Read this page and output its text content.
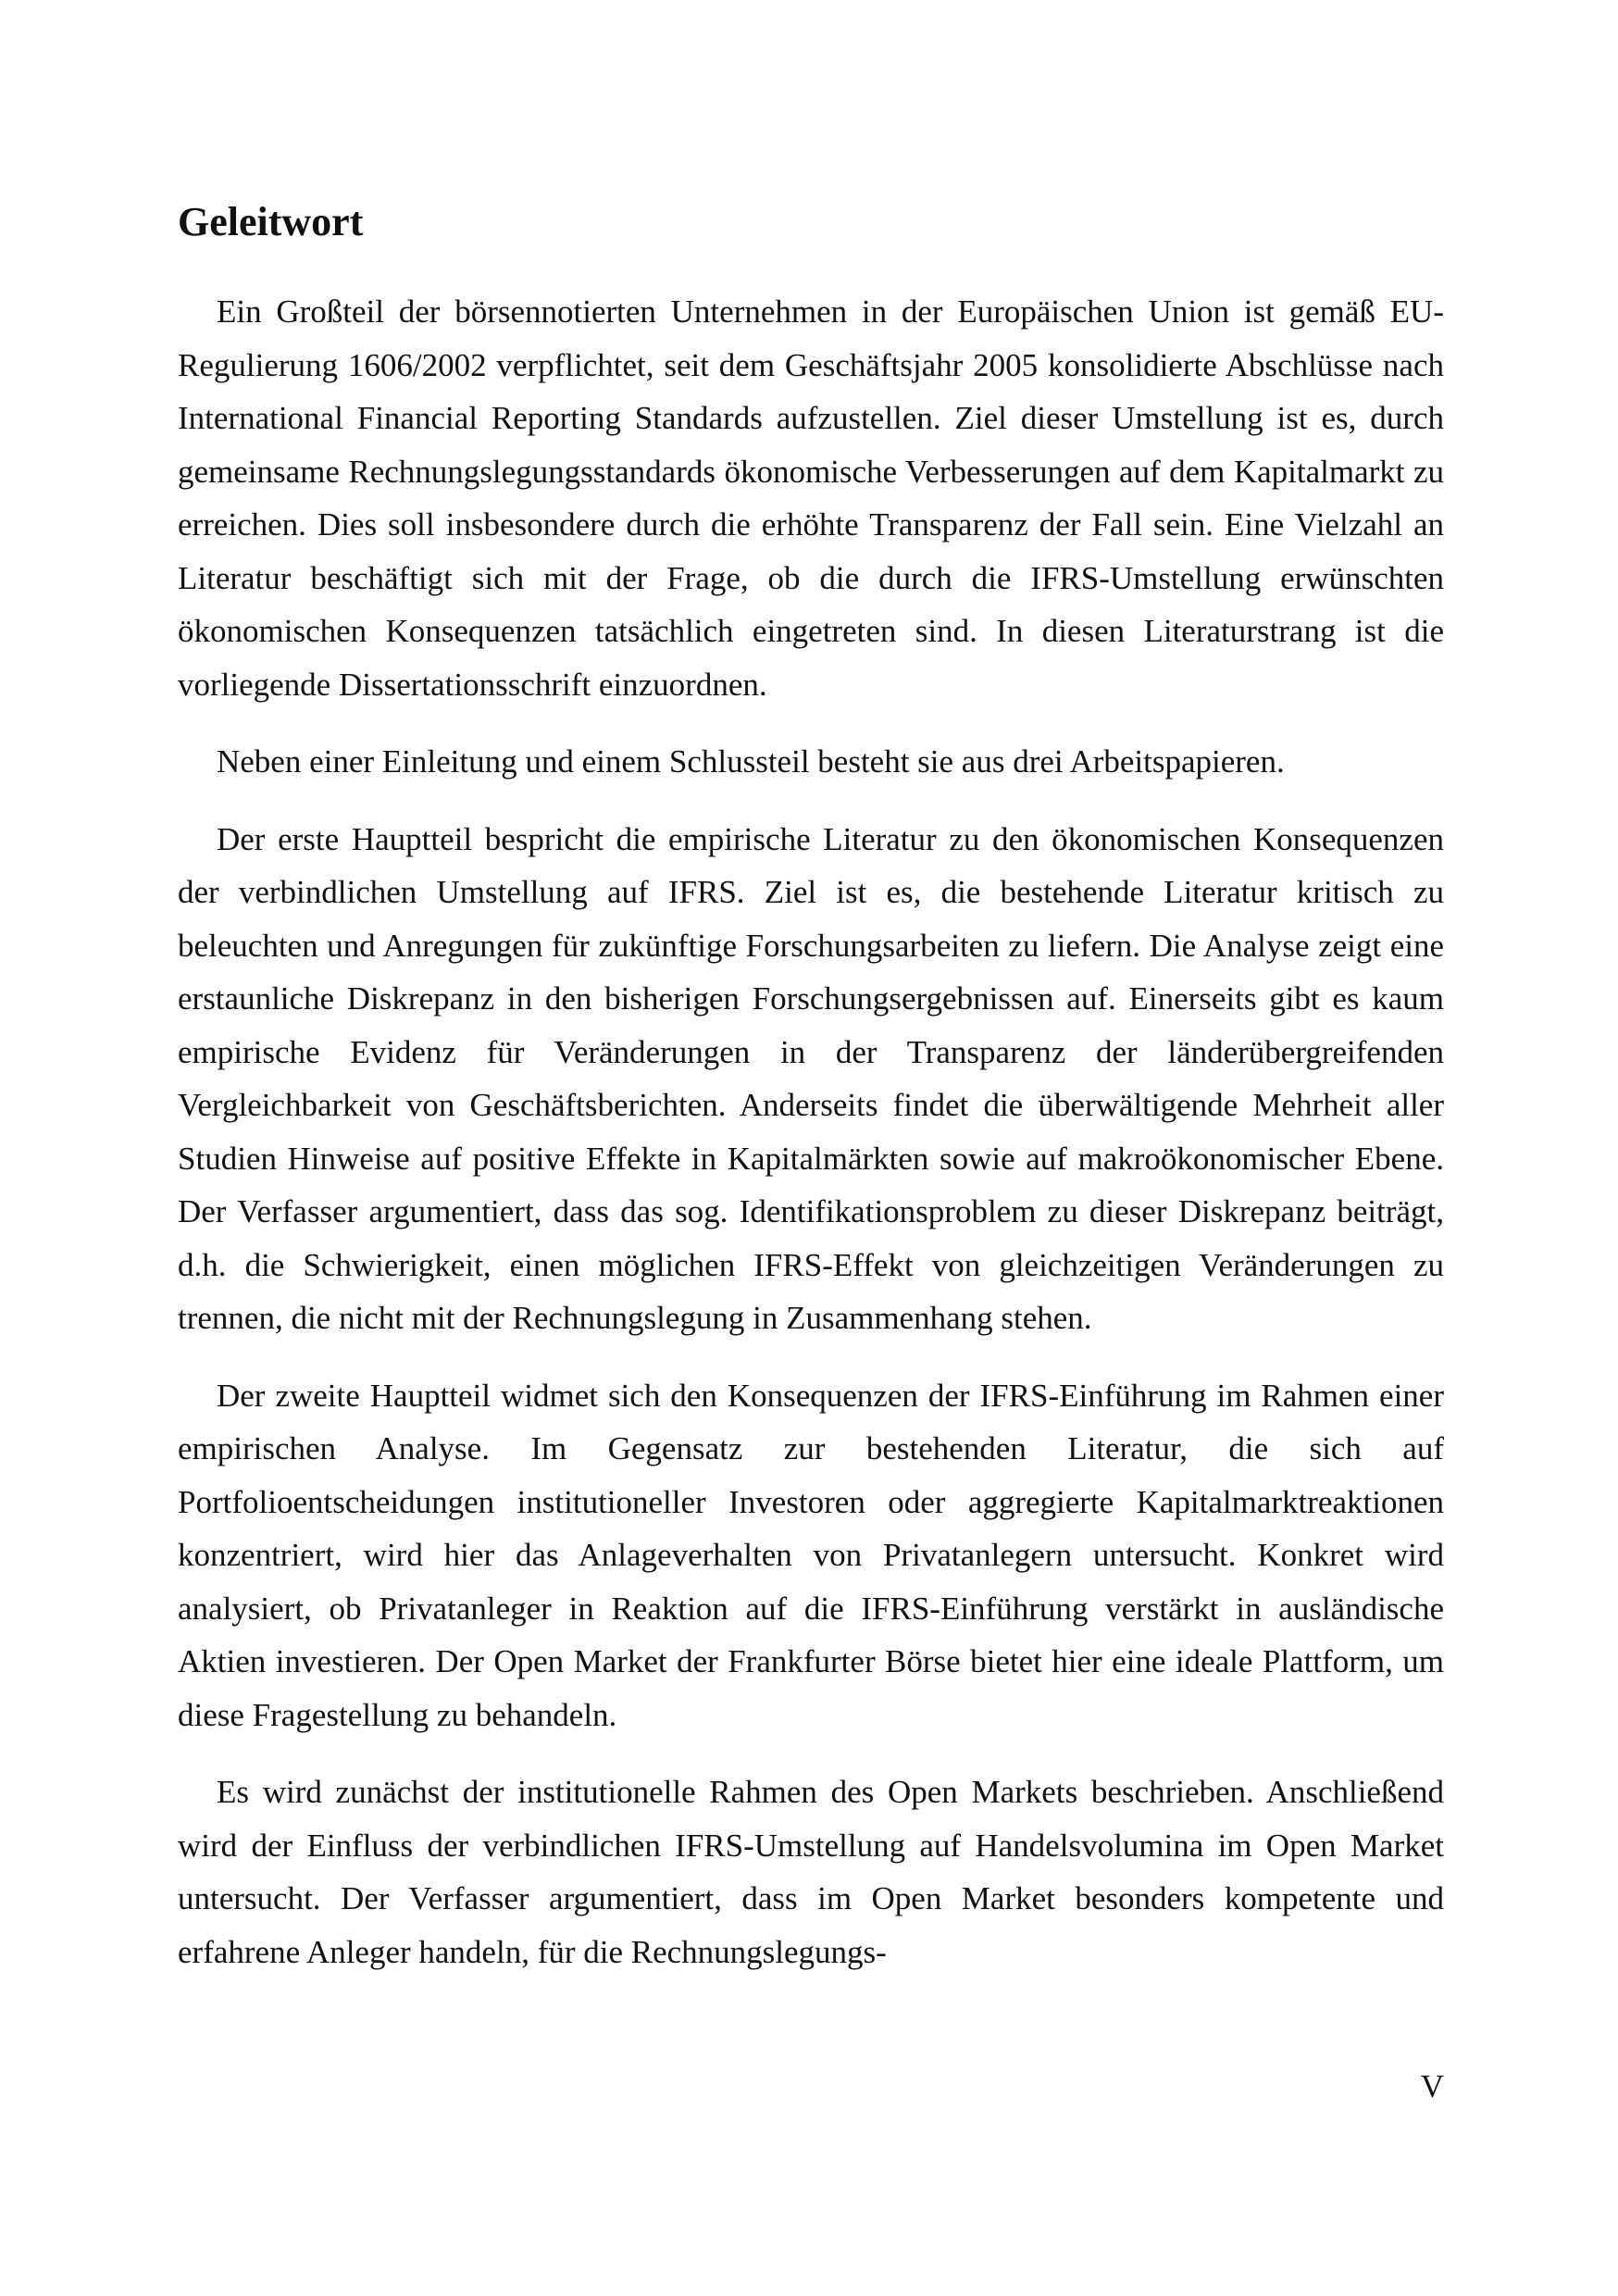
Geleitwort

Ein Großteil der börsennotierten Unternehmen in der Europäischen Union ist gemäß EU-Regulierung 1606/2002 verpflichtet, seit dem Geschäftsjahr 2005 konsolidierte Abschlüsse nach International Financial Reporting Standards aufzustellen. Ziel dieser Umstellung ist es, durch gemeinsame Rechnungslegungsstandards ökonomische Verbesserungen auf dem Kapitalmarkt zu erreichen. Dies soll insbesondere durch die erhöhte Transparenz der Fall sein. Eine Vielzahl an Literatur beschäftigt sich mit der Frage, ob die durch die IFRS-Umstellung erwünschten ökonomischen Konsequenzen tatsächlich eingetreten sind. In diesen Literaturstrang ist die vorliegende Dissertationsschrift einzuordnen.

Neben einer Einleitung und einem Schlussteil besteht sie aus drei Arbeitspapieren.

Der erste Hauptteil bespricht die empirische Literatur zu den ökonomischen Konsequenzen der verbindlichen Umstellung auf IFRS. Ziel ist es, die bestehende Literatur kritisch zu beleuchten und Anregungen für zukünftige Forschungsarbeiten zu liefern. Die Analyse zeigt eine erstaunliche Diskrepanz in den bisherigen Forschungsergebnissen auf. Einerseits gibt es kaum empirische Evidenz für Veränderungen in der Transparenz der länderübergreifenden Vergleichbarkeit von Geschäftsberichten. Anderseits findet die überwältigende Mehrheit aller Studien Hinweise auf positive Effekte in Kapitalmärkten sowie auf makroökonomischer Ebene. Der Verfasser argumentiert, dass das sog. Identifikationsproblem zu dieser Diskrepanz beiträgt, d.h. die Schwierigkeit, einen möglichen IFRS-Effekt von gleichzeitigen Veränderungen zu trennen, die nicht mit der Rechnungslegung in Zusammenhang stehen.

Der zweite Hauptteil widmet sich den Konsequenzen der IFRS-Einführung im Rahmen einer empirischen Analyse. Im Gegensatz zur bestehenden Literatur, die sich auf Portfolioentscheidungen institutioneller Investoren oder aggregierte Kapitalmarktreaktionen konzentriert, wird hier das Anlageverhalten von Privatanlegern untersucht. Konkret wird analysiert, ob Privatanleger in Reaktion auf die IFRS-Einführung verstärkt in ausländische Aktien investieren. Der Open Market der Frankfurter Börse bietet hier eine ideale Plattform, um diese Fragestellung zu behandeln.

Es wird zunächst der institutionelle Rahmen des Open Markets beschrieben. Anschließend wird der Einfluss der verbindlichen IFRS-Umstellung auf Handelsvolumina im Open Market untersucht. Der Verfasser argumentiert, dass im Open Market besonders kompetente und erfahrene Anleger handeln, für die Rechnungslegungs-

V
